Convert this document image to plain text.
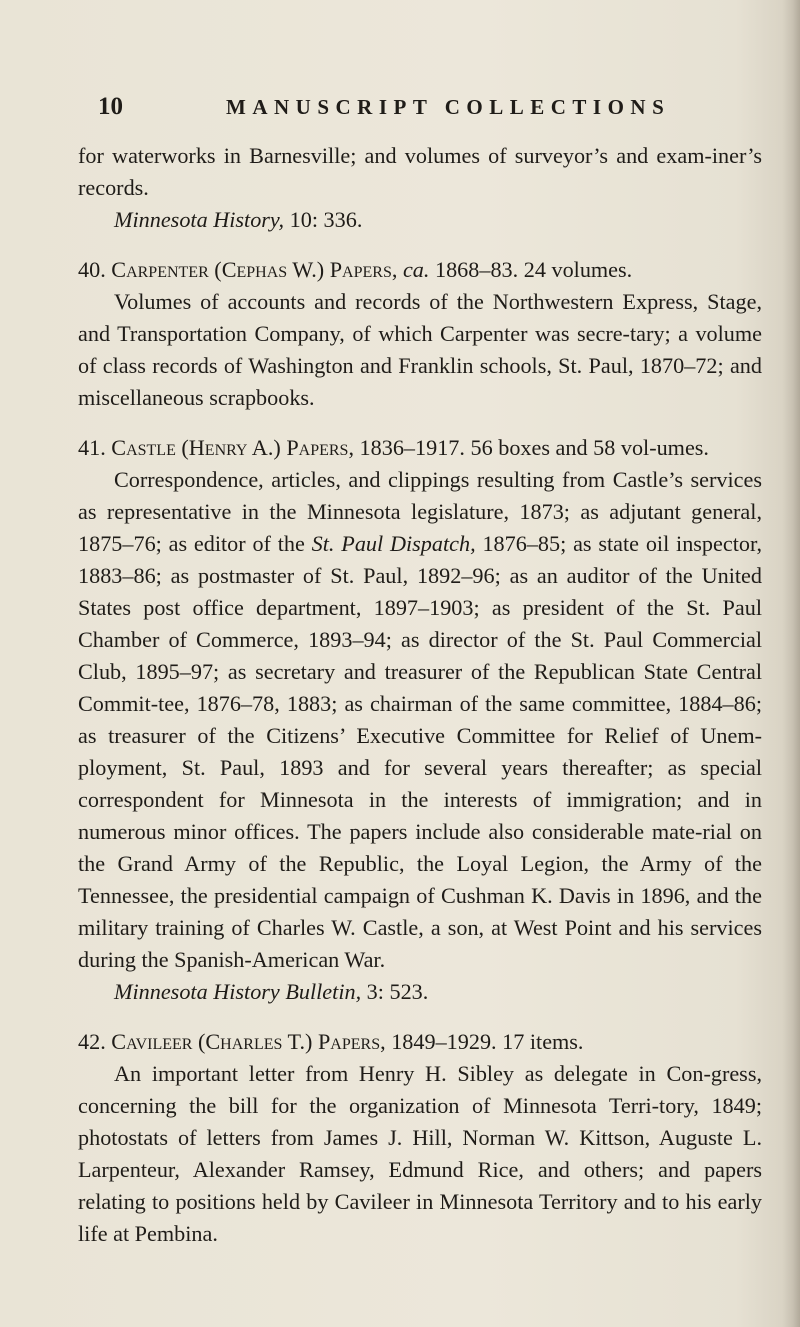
10	MANUSCRIPT COLLECTIONS

for waterworks in Barnesville; and volumes of surveyor’s and exam-iner’s records.

Minnesota History, 10: 336.

40. Carpenter (Cephas W.) Papers, ca. 1868–83. 24 volumes.

Volumes of accounts and records of the Northwestern Express, Stage, and Transportation Company, of which Carpenter was secre-tary; a volume of class records of Washington and Franklin schools, St. Paul, 1870–72; and miscellaneous scrapbooks.

41. Castle (Henry A.) Papers, 1836–1917. 56 boxes and 58 vol-umes.

Correspondence, articles, and clippings resulting from Castle’s services as representative in the Minnesota legislature, 1873; as adjutant general, 1875–76; as editor of the St. Paul Dispatch, 1876–85; as state oil inspector, 1883–86; as postmaster of St. Paul, 1892–96; as an auditor of the United States post office department, 1897–1903; as president of the St. Paul Chamber of Commerce, 1893–94; as director of the St. Paul Commercial Club, 1895–97; as secretary and treasurer of the Republican State Central Commit-tee, 1876–78, 1883; as chairman of the same committee, 1884–86; as treasurer of the Citizens’ Executive Committee for Relief of Unem-ployment, St. Paul, 1893 and for several years thereafter; as special correspondent for Minnesota in the interests of immigration; and in numerous minor offices. The papers include also considerable mate-rial on the Grand Army of the Republic, the Loyal Legion, the Army of the Tennessee, the presidential campaign of Cushman K. Davis in 1896, and the military training of Charles W. Castle, a son, at West Point and his services during the Spanish-American War.

Minnesota History Bulletin, 3: 523.

42. Cavileer (Charles T.) Papers, 1849–1929. 17 items.

An important letter from Henry H. Sibley as delegate in Con-gress, concerning the bill for the organization of Minnesota Terri-tory, 1849; photostats of letters from James J. Hill, Norman W. Kittson, Auguste L. Larpenteur, Alexander Ramsey, Edmund Rice, and others; and papers relating to positions held by Cavileer in Minnesota Territory and to his early life at Pembina.
